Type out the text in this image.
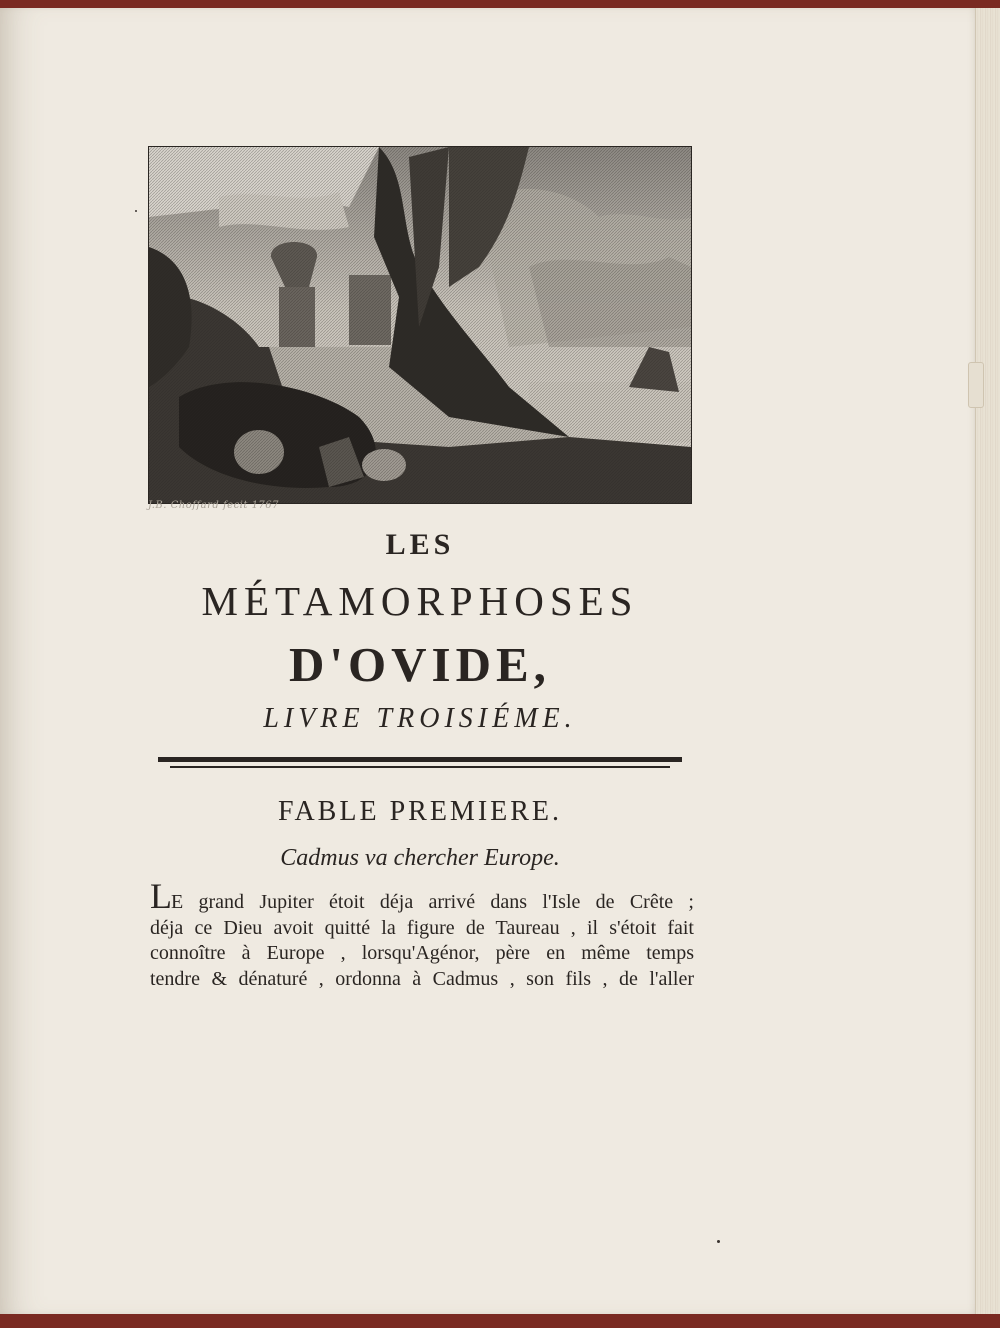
J.B. Choffard fecit 1767
LES
MÉTAMORPHOSES
D'OVIDE,
LIVRE TROISIÉME.
FABLE PREMIERE.
Cadmus va chercher Europe.

LE grand Jupiter étoit déja arrivé dans l'Isle de Crête ;

déja ce Dieu avoit quitté la figure de Taureau , il s'étoit fait

connoître à Europe , lorsqu'Agénor, père en même temps

tendre & dénaturé , ordonna à Cadmus , son fils , de l'aller
